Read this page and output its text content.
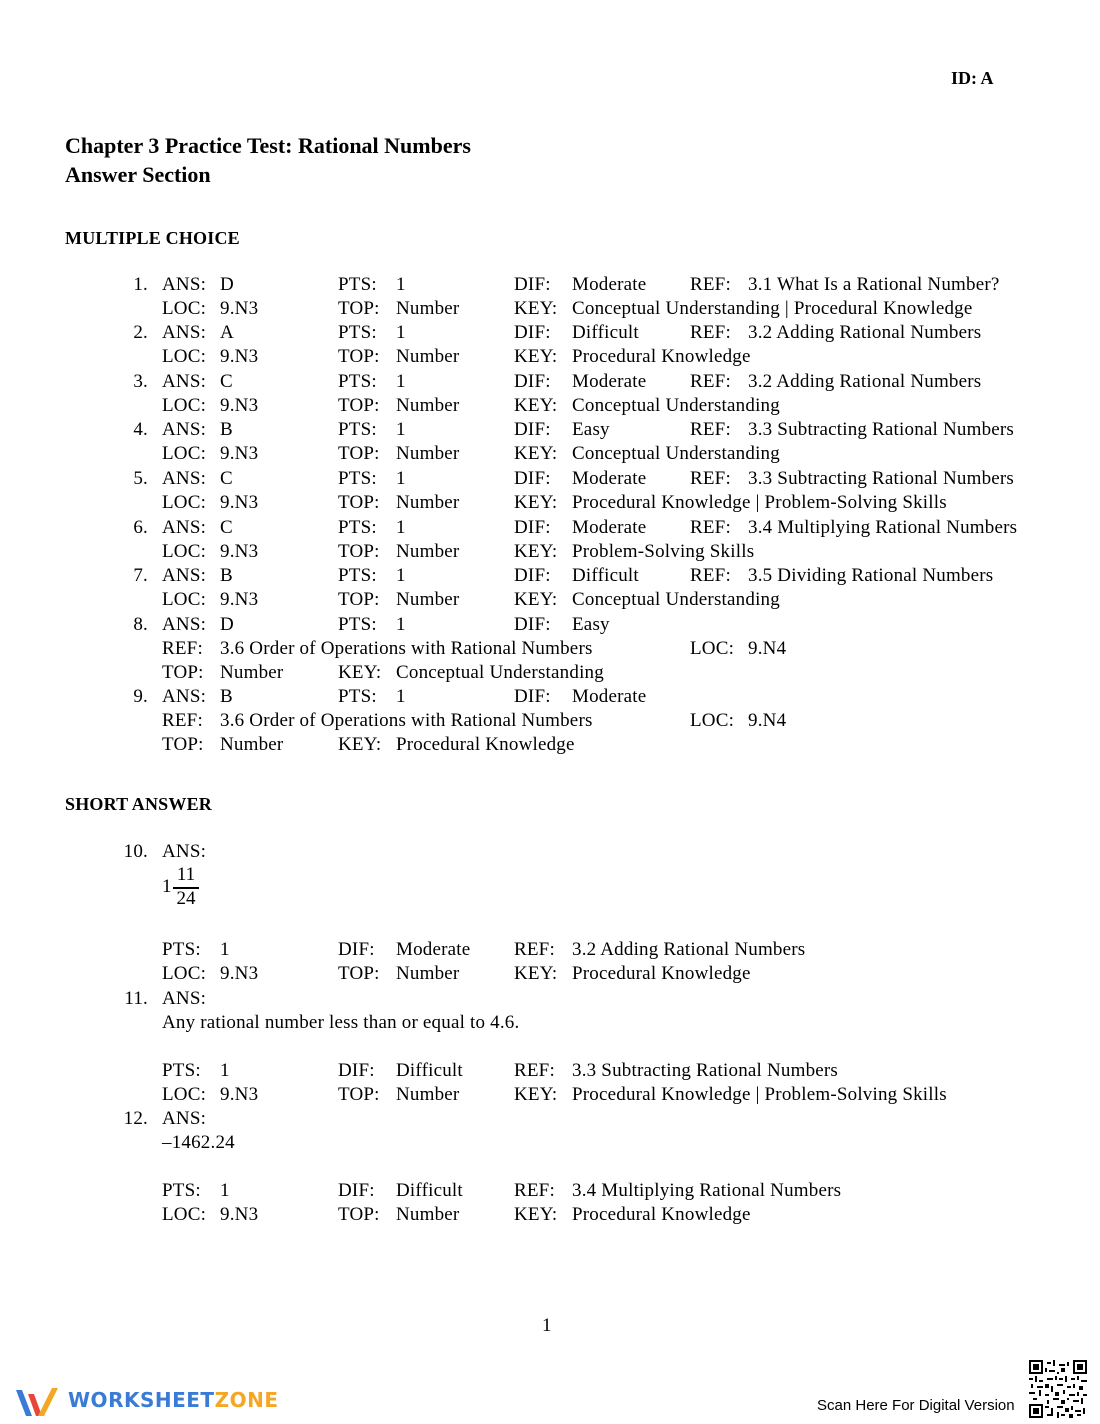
ID: A
Chapter 3 Practice Test: Rational Numbers
Answer Section
MULTIPLE CHOICE
1. ANS: D	PTS: 1	DIF: Moderate REF: 3.1 What Is a Rational Number?
LOC: 9.N3	TOP: Number	KEY: Conceptual Understanding | Procedural Knowledge
2. ANS: A	PTS: 1	DIF: Difficult	REF: 3.2 Adding Rational Numbers
LOC: 9.N3	TOP: Number	KEY: Procedural Knowledge
3. ANS: C	PTS: 1	DIF: Moderate REF: 3.2 Adding Rational Numbers
LOC: 9.N3	TOP: Number	KEY: Conceptual Understanding
4. ANS: B	PTS: 1	DIF: Easy	REF: 3.3 Subtracting Rational Numbers
LOC: 9.N3	TOP: Number	KEY: Conceptual Understanding
5. ANS: C	PTS: 1	DIF: Moderate REF: 3.3 Subtracting Rational Numbers
LOC: 9.N3	TOP: Number	KEY: Procedural Knowledge | Problem-Solving Skills
6. ANS: C	PTS: 1	DIF: Moderate REF: 3.4 Multiplying Rational Numbers
LOC: 9.N3	TOP: Number	KEY: Problem-Solving Skills
7. ANS: B	PTS: 1	DIF: Difficult	REF: 3.5 Dividing Rational Numbers
LOC: 9.N3	TOP: Number	KEY: Conceptual Understanding
8. ANS: D	PTS: 1	DIF: Easy
REF: 3.6 Order of Operations with Rational Numbers	LOC: 9.N4
TOP: Number	KEY: Conceptual Understanding
9. ANS: B	PTS: 1	DIF: Moderate
REF: 3.6 Order of Operations with Rational Numbers	LOC: 9.N4
TOP: Number	KEY: Procedural Knowledge
SHORT ANSWER
1
11
24
10. ANS:
PTS: 1	DIF: Moderate REF: 3.2 Adding Rational Numbers
LOC: 9.N3	TOP: Number	KEY: Procedural Knowledge
11. ANS:
Any rational number less than or equal to 4.6.
PTS: 1	DIF: Difficult	REF: 3.3 Subtracting Rational Numbers
LOC: 9.N3	TOP: Number	KEY: Procedural Knowledge | Problem-Solving Skills
12. ANS:
–1462.24
PTS: 1	DIF: Difficult	REF: 3.4 Multiplying Rational Numbers
LOC: 9.N3	TOP: Number	KEY: Procedural Knowledge
1
WORKSHEETZONE	Scan Here For Digital Version
